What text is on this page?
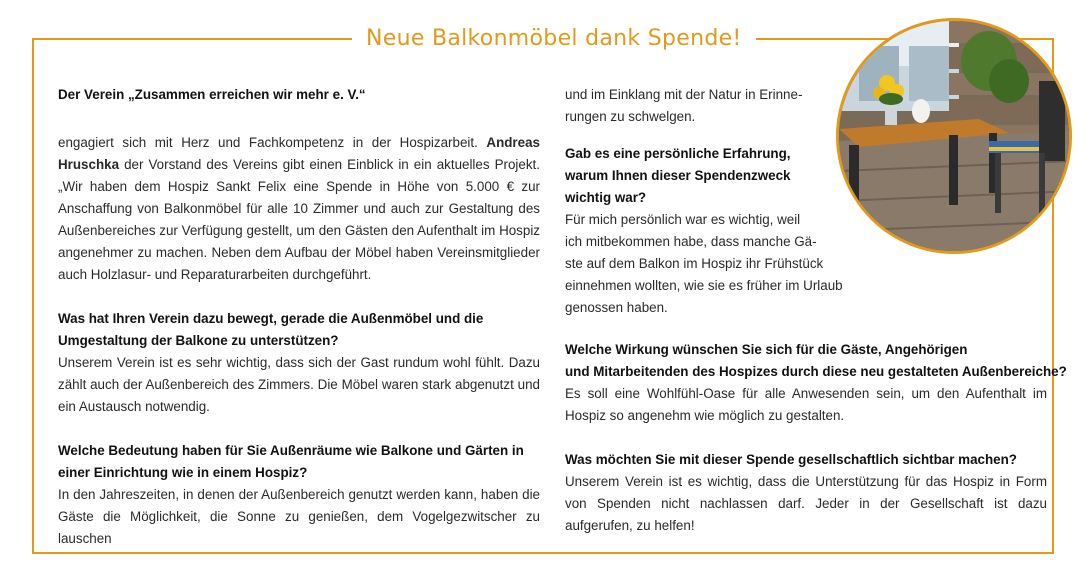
Neue Balkonmöbel dank Spende!

Der Verein „Zusammen erreichen wir mehr e. V.“

engagiert sich mit Herz und Fachkompetenz in der Hospizarbeit. Andreas Hruschka der Vorstand des Vereins gibt einen Einblick in ein aktuelles Projekt. „Wir haben dem Hospiz Sankt Felix eine Spende in Höhe von 5.000 € zur Anschaffung von Balkonmöbel für alle 10 Zimmer und auch zur Gestaltung des Außenbereiches zur Verfügung gestellt, um den Gästen den Aufenthalt im Hospiz angenehmer zu machen. Neben dem Aufbau der Möbel haben Vereinsmitglieder auch Holzlasur- und Reparaturarbeiten durchgeführt.

Was hat Ihren Verein dazu bewegt, gerade die Außenmöbel und die Umgestaltung der Balkone zu unterstützen?

Unserem Verein ist es sehr wichtig, dass sich der Gast rundum wohl fühlt. Dazu zählt auch der Außenbereich des Zimmers. Die Möbel waren stark abgenutzt und ein Austausch notwendig.

Welche Bedeutung haben für Sie Außenräume wie Balkone und Gärten in einer Einrichtung wie in einem Hospiz?

In den Jahreszeiten, in denen der Außenbereich genutzt werden kann, haben die Gäste die Möglichkeit, die Sonne zu genießen, dem Vogelgezwitscher zu lauschen

und im Einklang mit der Natur in Erinne-
rungen zu schwelgen.
Gab es eine persönliche Erfahrung,
warum Ihnen dieser Spendenzweck
wichtig war?
Für mich persönlich war es wichtig, weil
ich mitbekommen habe, dass manche Gä-
ste auf dem Balkon im Hospiz ihr Frühstück
einnehmen wollten, wie sie es früher im Urlaub
genossen haben.
Welche Wirkung wünschen Sie sich für die Gäste, Angehörigen
und Mitarbeitenden des Hospizes durch diese neu gestalteten Außenbereiche?

Es soll eine Wohlfühl-Oase für alle Anwesenden sein, um den Aufenthalt im Hospiz so angenehm wie möglich zu gestalten.

Was möchten Sie mit dieser Spende gesellschaftlich sichtbar machen?

Unserem Verein ist es wichtig, dass die Unterstützung für das Hospiz in Form von Spenden nicht nachlassen darf. Jeder in der Gesellschaft ist dazu aufgerufen, zu helfen!
